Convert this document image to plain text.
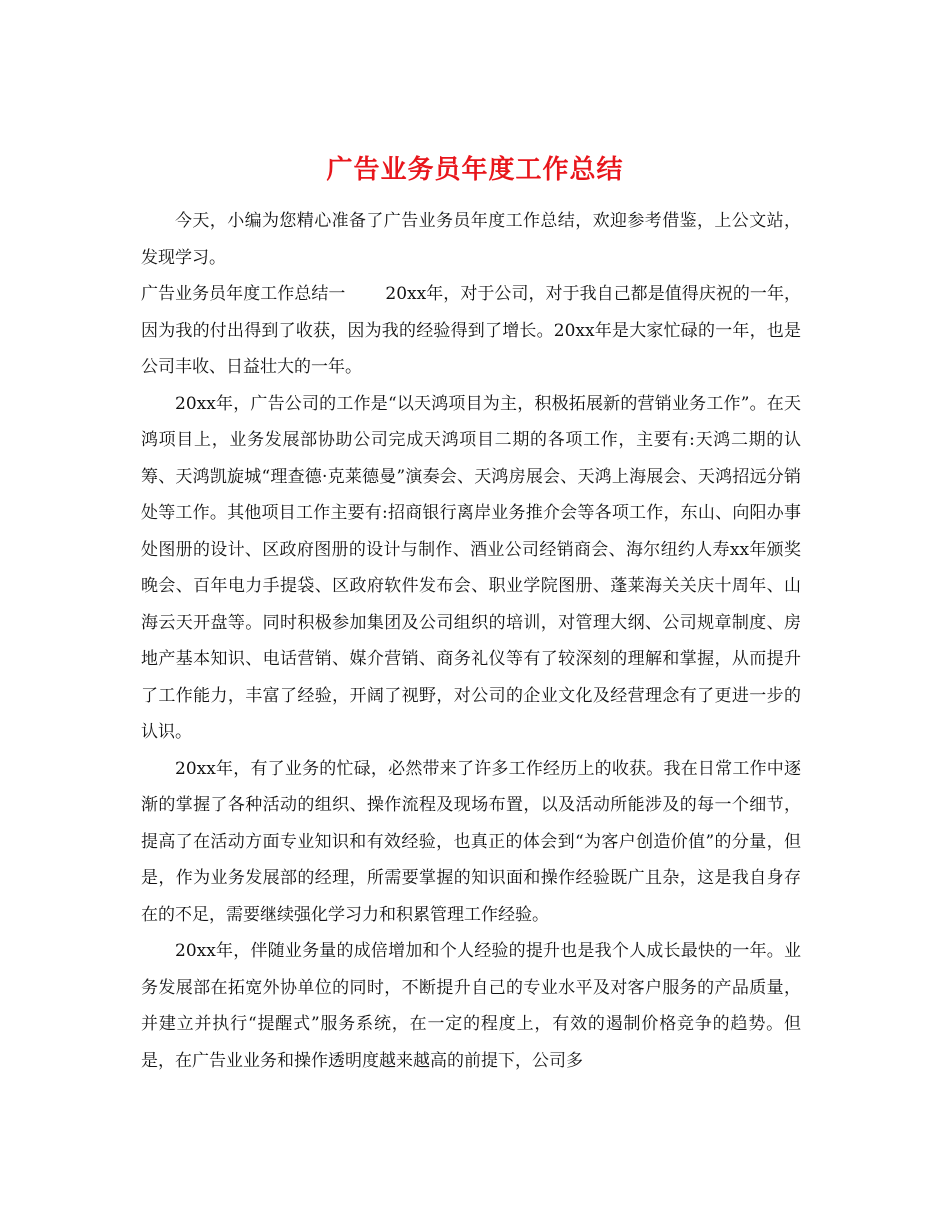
广告业务员年度工作总结

今天，小编为您精心准备了广告业务员年度工作总结，欢迎参考借鉴，上公文站，发现学习。

广告业务员年度工作总结一 20xx年，对于公司，对于我自己都是值得庆祝的一年，因为我的付出得到了收获，因为我的经验得到了增长。20xx年是大家忙碌的一年，也是公司丰收、日益壮大的一年。

20xx年，广告公司的工作是“以天鸿项目为主，积极拓展新的营销业务工作”。在天鸿项目上，业务发展部协助公司完成天鸿项目二期的各项工作，主要有:天鸿二期的认筹、天鸿凯旋城“理查德·克莱德曼”演奏会、天鸿房展会、天鸿上海展会、天鸿招远分销处等工作。其他项目工作主要有:招商银行离岸业务推介会等各项工作，东山、向阳办事处图册的设计、区政府图册的设计与制作、酒业公司经销商会、海尔纽约人寿xx年颁奖晚会、百年电力手提袋、区政府软件发布会、职业学院图册、蓬莱海关关庆十周年、山海云天开盘等。同时积极参加集团及公司组织的培训，对管理大纲、公司规章制度、房地产基本知识、电话营销、媒介营销、商务礼仪等有了较深刻的理解和掌握，从而提升了工作能力，丰富了经验，开阔了视野，对公司的企业文化及经营理念有了更进一步的认识。

20xx年，有了业务的忙碌，必然带来了许多工作经历上的收获。我在日常工作中逐渐的掌握了各种活动的组织、操作流程及现场布置，以及活动所能涉及的每一个细节，提高了在活动方面专业知识和有效经验，也真正的体会到“为客户创造价值”的分量，但是，作为业务发展部的经理，所需要掌握的知识面和操作经验既广且杂，这是我自身存在的不足，需要继续强化学习力和积累管理工作经验。

20xx年，伴随业务量的成倍增加和个人经验的提升也是我个人成长最快的一年。业务发展部在拓宽外协单位的同时，不断提升自己的专业水平及对客户服务的产品质量，并建立并执行“提醒式”服务系统，在一定的程度上，有效的遏制价格竞争的趋势。但是，在广告业业务和操作透明度越来越高的前提下，公司多
